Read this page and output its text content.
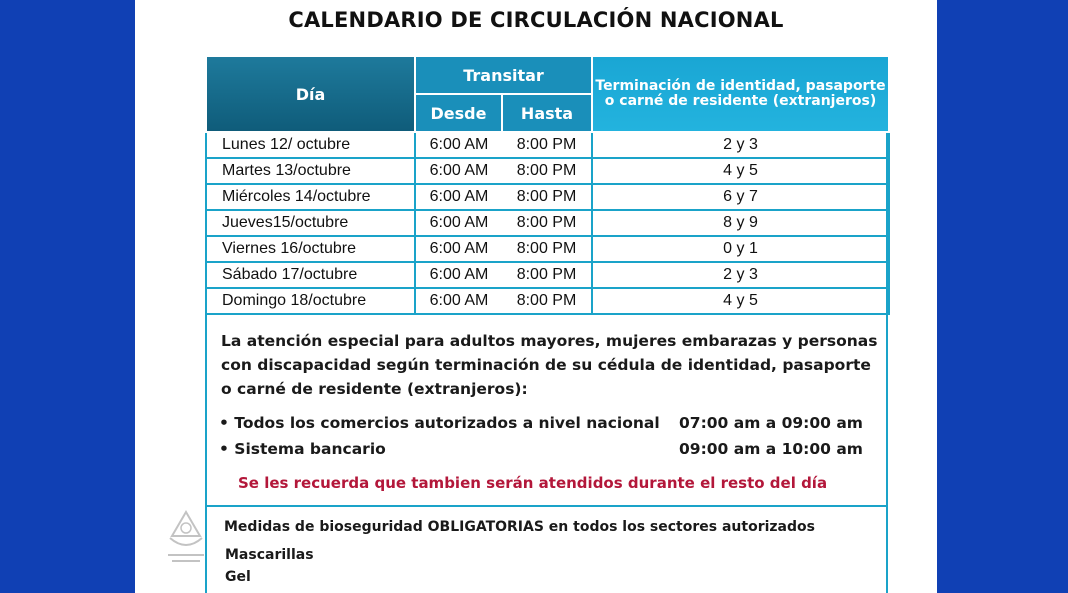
CALENDARIO DE CIRCULACIÓN NACIONAL
Día	Transitar		Terminación de identidad, pasaporte o carné de residente (extranjeros)
	Desde	Hasta	
Lunes 12/ octubre	6:00 AM	8:00 PM	2 y 3
Martes 13/octubre	6:00 AM	8:00 PM	4 y 5
Miércoles 14/octubre	6:00 AM	8:00 PM	6 y 7
Jueves15/octubre	6:00 AM	8:00 PM	8 y 9
Viernes 16/octubre	6:00 AM	8:00 PM	0 y 1
Sábado 17/octubre	6:00 AM	8:00 PM	2 y 3
Domingo 18/octubre	6:00 AM	8:00 PM	4 y 5
La atención especial para adultos mayores, mujeres embarazas y personas con discapacidad según terminación de su cédula de identidad, pasaporte o carné de residente (extranjeros):
• Todos los comercios autorizados a nivel nacional 07:00 am a 09:00 am
• Sistema bancario	09:00 am a 10:00 am
Se les recuerda que tambien serán atendidos durante el resto del día
Medidas de bioseguridad OBLIGATORIAS en todos los sectores autorizados
Mascarillas
Gel
